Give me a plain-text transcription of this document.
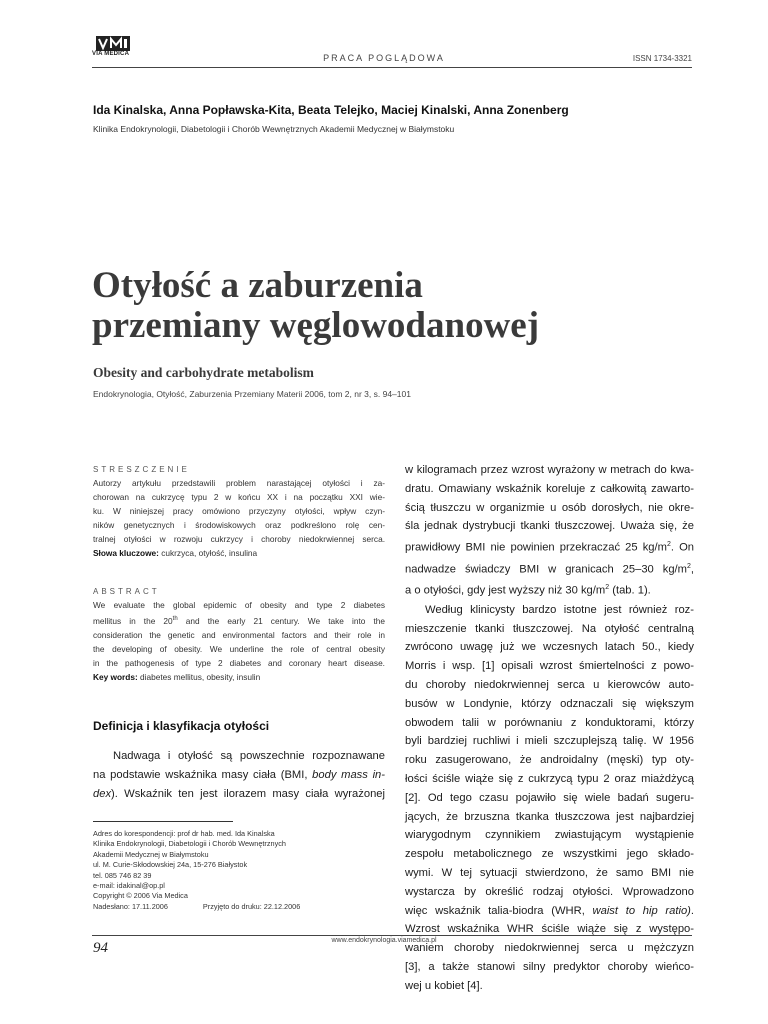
VIA MEDICA	PRACA POGLĄDOWA	ISSN 1734-3321
Ida Kinalska, Anna Popławska-Kita, Beata Telejko, Maciej Kinalski, Anna Zonenberg
Klinika Endokrynologii, Diabetologii i Chorób Wewnętrznych Akademii Medycznej w Białymstoku
Otyłość a zaburzenia
przemiany węglowodanowej
Obesity and carbohydrate metabolism
Endokrynologia, Otyłość, Zaburzenia Przemiany Materii 2006, tom 2, nr 3, s. 94–101
STRESZCZENIE
Autorzy artykułu przedstawili problem narastającej otyłości i za-
chorowan na cukrzycę typu 2 w końcu XX i na początku XXI wie-
ku. W niniejszej pracy omówiono przyczyny otyłości, wpływ czyn-
ników genetycznych i środowiskowych oraz podkreślono rolę cen-
tralnej otyłości w rozwoju cukrzycy i choroby niedokrwiennej serca.
Słowa kluczowe: cukrzyca, otyłość, insulina
ABSTRACT
We evaluate the global epidemic of obesity and type 2 diabetes
mellitus in the 20th and the early 21 century. We take into the
consideration the genetic and environmental factors and their role in
the developing of obesity. We underline the role of central obesity
in the pathogenesis of type 2 diabetes and coronary heart disease.
Key words: diabetes mellitus, obesity, insulin
Definicja i klasyfikacja otyłości
Nadwaga i otyłość są powszechnie rozpoznawane
na podstawie wskaźnika masy ciała (BMI, body mass in-
dex). Wskaźnik ten jest ilorazem masy ciała wyrażonej
Adres do korespondencji: prof dr hab. med. Ida Kinalska
Klinika Endokrynologii, Diabetologii i Chorób Wewnętrznych
Akademii Medycznej w Białymstoku
ul. M. Curie-Skłodowskiej 24a, 15-276 Białystok
tel. 085 746 82 39
e-mail: idakinal@op.pl
Copyright © 2006 Via Medica
Nadesłano: 17.11.2006	Przyjęto do druku: 22.12.2006
w kilogramach przez wzrost wyrażony w metrach do kwa-
dratu. Omawiany wskaźnik koreluje z całkowitą zawarto-
ścią tłuszczu w organizmie u osób dorosłych, nie okre-
śla jednak dystrybucji tkanki tłuszczowej. Uważa się, że
prawidłowy BMI nie powinien przekraczać 25 $kg/m^2$. On
nadwadze świadczy BMI w granicach 25–30 $kg/m^2$,
a o otyłości, gdy jest wyższy niż 30 $kg/m^2$ (tab. 1).
Według klinicysty bardzo istotne jest również roz-
mieszczenie tkanki tłuszczowej. Na otyłość centralną
zwrócono uwagę już we wczesnych latach 50., kiedy
Morris i wsp. [1] opisali wzrost śmiertelności z powo-
du choroby niedokrwiennej serca u kierowców auto-
busów w Londynie, którzy odznaczali się większym
obwodem talii w porównaniu z konduktorami, którzy
byli bardziej ruchliwi i mieli szczuplejszą talię. W 1956
roku zasugerowano, że androidalny (męski) typ oty-
łości ściśle wiąże się z cukrzycą typu 2 oraz miażdżycą
[2]. Od tego czasu pojawiło się wiele badań sugeru-
jących, że brzuszna tkanka tłuszczowa jest najbardziej
wiarygodnym czynnikiem zwiastującym wystąpienie
zespołu metabolicznego ze wszystkimi jego składo-
wymi. W tej sytuacji stwierdzono, że samo BMI nie
wystarcza by określić rodzaj otyłości. Wprowadzono
więc wskaźnik talia-biodra (WHR, waist to hip ratio).
Wzrost wskaźnika WHR ściśle wiąże się z występo-
waniem choroby niedokrwiennej serca u mężczyzn
[3], a także stanowi silny predyktor choroby wieńco-
wej u kobiet [4].
www.endokrynologia.viamedica.pl
94
